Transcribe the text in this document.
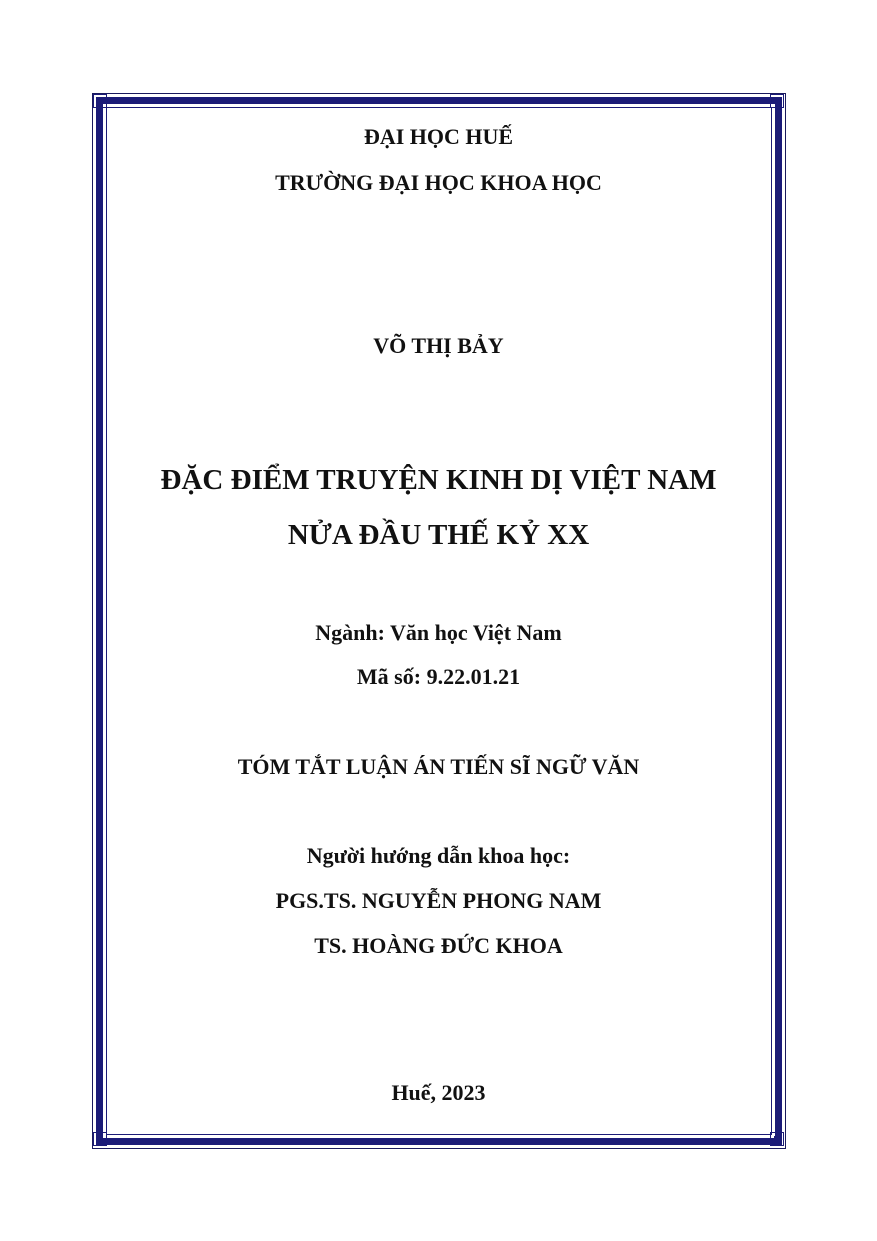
ĐẠI HỌC HUẾ
TRƯỜNG ĐẠI HỌC KHOA HỌC
VÕ THỊ BẢY
ĐẶC ĐIỂM TRUYỆN KINH DỊ VIỆT NAM
NỬA ĐẦU THẾ KỶ XX
Ngành: Văn học Việt Nam
Mã số: 9.22.01.21
TÓM TẮT LUẬN ÁN TIẾN SĨ NGỮ VĂN
Người hướng dẫn khoa học:
PGS.TS. NGUYỄN PHONG NAM
TS. HOÀNG ĐỨC KHOA
Huế, 2023
